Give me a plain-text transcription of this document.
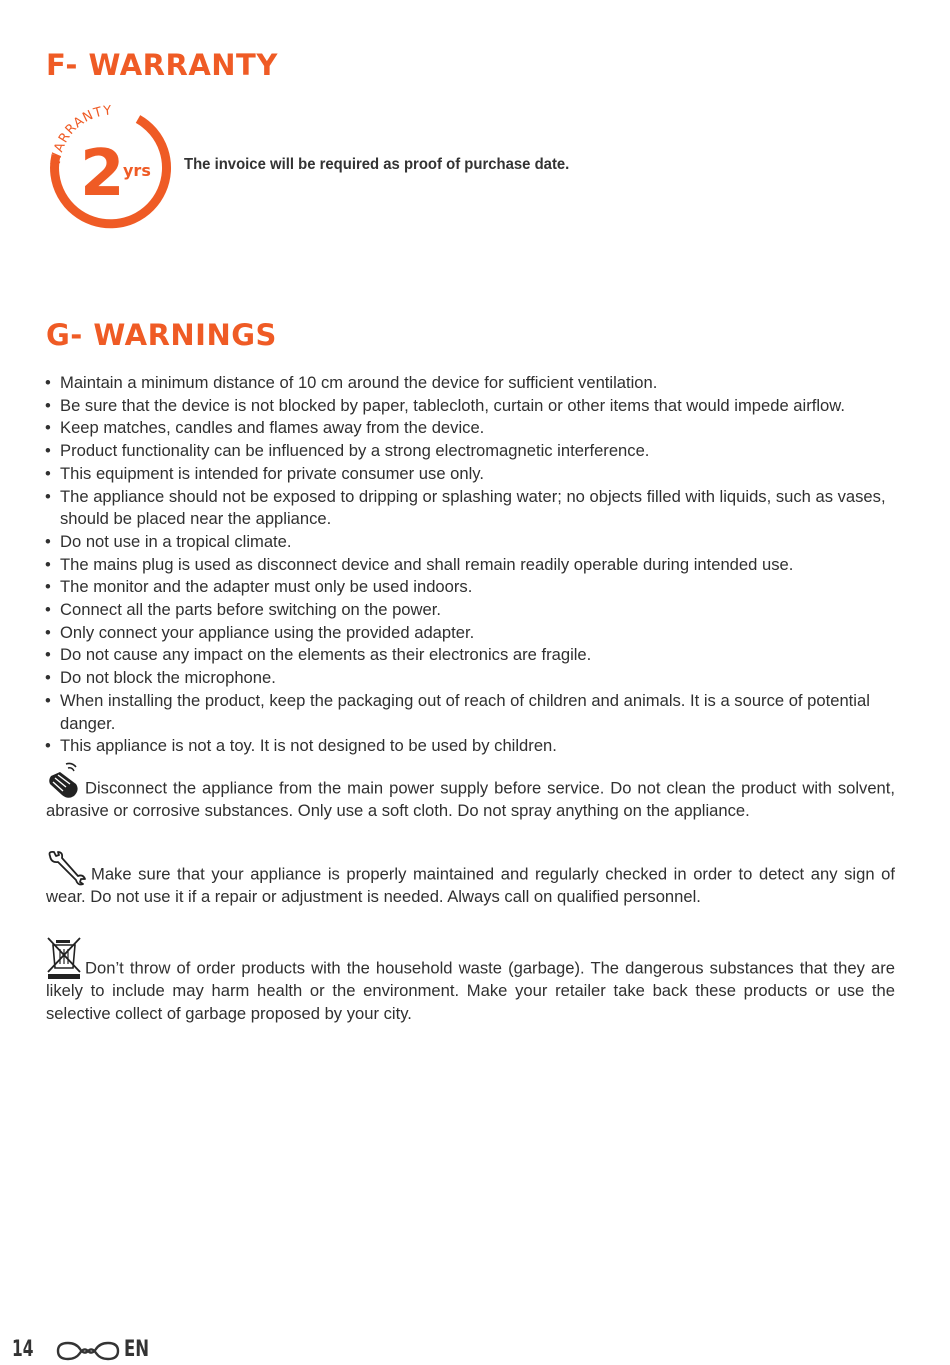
F- WARRANTY
WARRANTY
2
yrs The invoice will be required as proof of purchase date.
G- WARNINGS
• Maintain a minimum distance of 10 cm around the device for sufficient ventilation.
• Be sure that the device is not blocked by paper, tablecloth, curtain or other items that would impede airflow.
• Keep matches, candles and flames away from the device.
• Product functionality can be influenced by a strong electromagnetic interference.
• This equipment is intended for private consumer use only.
• The appliance should not be exposed to dripping or splashing water; no objects filled with liquids, such as vases, should be placed near the appliance.
• Do not use in a tropical climate.
• The mains plug is used as disconnect device and shall remain readily operable during intended use.
• The monitor and the adapter must only be used indoors.
• Connect all the parts before switching on the power.
• Only connect your appliance using the provided adapter.
• Do not cause any impact on the elements as their electronics are fragile.
• Do not block the microphone.
• When installing the product, keep the packaging out of reach of children and animals. It is a source of potential danger.
• This appliance is not a toy. It is not designed to be used by children.

Disconnect the appliance from the main power supply before service. Do not clean the product with solvent, abrasive or corrosive substances. Only use a soft cloth. Do not spray anything on the appliance.

Make sure that your appliance is properly maintained and regularly checked in order to detect any sign of wear. Do not use it if a repair or adjustment is needed. Always call on qualified personnel.

Don’t throw of order products with the household waste (garbage). The dangerous substances that they are likely to include may harm health or the environment. Make your retailer take back these products or use the selective collect of garbage proposed by your city.

14	EN
